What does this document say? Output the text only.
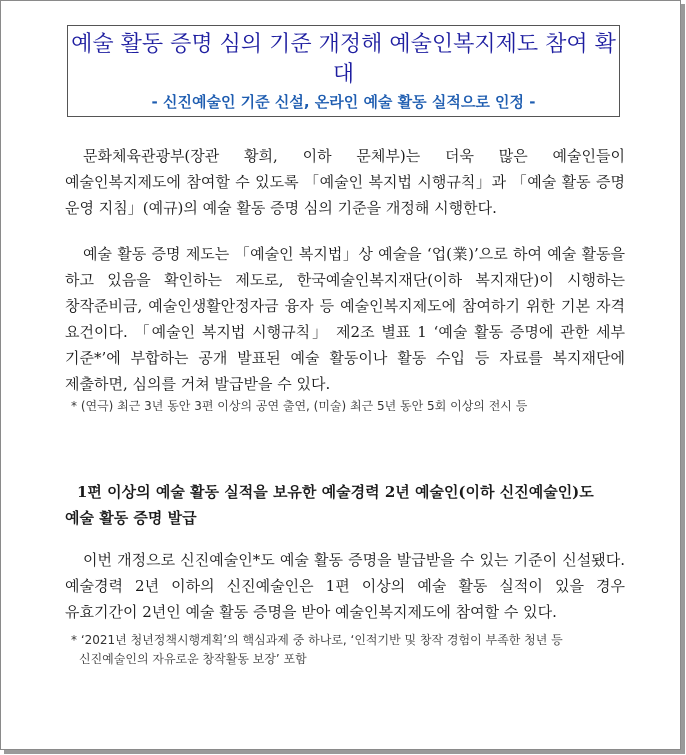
예술 활동 증명 심의 기준 개정해 예술인복지제도 참여 확대
- 신진예술인 기준 신설, 온라인 예술 활동 실적으로 인정 -

문화체육관광부(장관 황희, 이하 문체부)는 더욱 많은 예술인들이 예술인복지제도에 참여할 수 있도록 「예술인 복지법 시행규칙」과 「예술 활동 증명 운영 지침」(예규)의 예술 활동 증명 심의 기준을 개정해 시행한다.

예술 활동 증명 제도는 「예술인 복지법」상 예술을 ‘업(業)’으로 하여 예술 활동을 하고 있음을 확인하는 제도로, 한국예술인복지재단(이하 복지재단)이 시행하는 창작준비금, 예술인생활안정자금 융자 등 예술인복지제도에 참여하기 위한 기본 자격 요건이다. 「예술인 복지법 시행규칙」 제2조 별표 1 ‘예술 활동 증명에 관한 세부 기준*’에 부합하는 공개 발표된 예술 활동이나 활동 수입 등 자료를 복지재단에 제출하면, 심의를 거쳐 발급받을 수 있다.

* (연극) 최근 3년 동안 3편 이상의 공연 출연, (미술) 최근 5년 동안 5회 이상의 전시 등

1편 이상의 예술 활동 실적을 보유한 예술경력 2년 예술인(이하 신진예술인)도 예술 활동 증명 발급

이번 개정으로 신진예술인*도 예술 활동 증명을 발급받을 수 있는 기준이 신설됐다. 예술경력 2년 이하의 신진예술인은 1편 이상의 예술 활동 실적이 있을 경우 유효기간이 2년인 예술 활동 증명을 받아 예술인복지제도에 참여할 수 있다.

* ‘2021년 청년정책시행계획’의 핵심과제 중 하나로, ‘인적기반 및 창작 경험이 부족한 청년 등 신진예술인의 자유로운 창작활동 보장’ 포함
